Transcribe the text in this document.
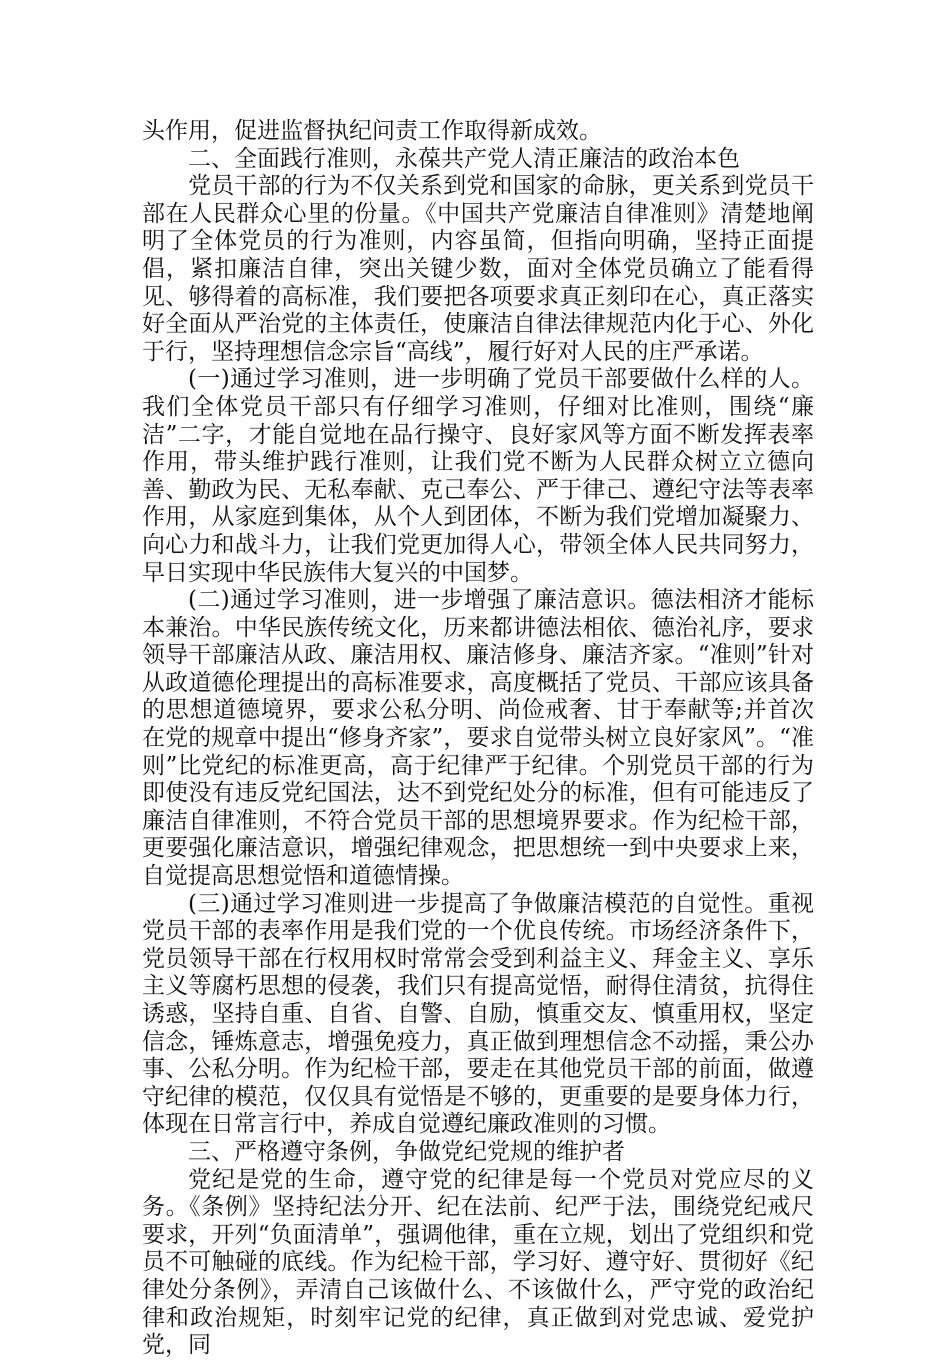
头作用，促进监督执纪问责工作取得新成效。

二、全面践行准则，永葆共产党人清正廉洁的政治本色

党员干部的行为不仅关系到党和国家的命脉，更关系到党员干部在人民群众心里的份量。《中国共产党廉洁自律准则》清楚地阐明了全体党员的行为准则，内容虽简，但指向明确，坚持正面提倡，紧扣廉洁自律，突出关键少数，面对全体党员确立了能看得见、够得着的高标准，我们要把各项要求真正刻印在心，真正落实好全面从严治党的主体责任，使廉洁自律法律规范内化于心、外化于行，坚持理想信念宗旨“高线”，履行好对人民的庄严承诺。

(一)通过学习准则，进一步明确了党员干部要做什么样的人。我们全体党员干部只有仔细学习准则，仔细对比准则，围绕“廉洁”二字，才能自觉地在品行操守、良好家风等方面不断发挥表率作用，带头维护践行准则，让我们党不断为人民群众树立立德向善、勤政为民、无私奉献、克己奉公、严于律己、遵纪守法等表率作用，从家庭到集体，从个人到团体，不断为我们党增加凝聚力、向心力和战斗力，让我们党更加得人心，带领全体人民共同努力，早日实现中华民族伟大复兴的中国梦。

(二)通过学习准则，进一步增强了廉洁意识。德法相济才能标本兼治。中华民族传统文化，历来都讲德法相依、德治礼序，要求领导干部廉洁从政、廉洁用权、廉洁修身、廉洁齐家。“准则”针对从政道德伦理提出的高标准要求，高度概括了党员、干部应该具备的思想道德境界，要求公私分明、尚俭戒奢、甘于奉献等;并首次在党的规章中提出“修身齐家”，要求自觉带头树立良好家风”。“准则”比党纪的标准更高，高于纪律严于纪律。个别党员干部的行为即使没有违反党纪国法，达不到党纪处分的标准，但有可能违反了廉洁自律准则，不符合党员干部的思想境界要求。作为纪检干部，更要强化廉洁意识，增强纪律观念，把思想统一到中央要求上来，自觉提高思想觉悟和道德情操。

(三)通过学习准则进一步提高了争做廉洁模范的自觉性。重视党员干部的表率作用是我们党的一个优良传统。市场经济条件下，党员领导干部在行权用权时常常会受到利益主义、拜金主义、享乐主义等腐朽思想的侵袭，我们只有提高觉悟，耐得住清贫，抗得住诱惑，坚持自重、自省、自警、自励，慎重交友、慎重用权，坚定信念，锤炼意志，增强免疫力，真正做到理想信念不动摇，秉公办事、公私分明。作为纪检干部，要走在其他党员干部的前面，做遵守纪律的模范，仅仅具有觉悟是不够的，更重要的是要身体力行，体现在日常言行中，养成自觉遵纪廉政准则的习惯。

三、严格遵守条例，争做党纪党规的维护者

党纪是党的生命，遵守党的纪律是每一个党员对党应尽的义务。《条例》坚持纪法分开、纪在法前、纪严于法，围绕党纪戒尺要求，开列“负面清单”，强调他律，重在立规，划出了党组织和党员不可触碰的底线。作为纪检干部，学习好、遵守好、贯彻好《纪律处分条例》，弄清自己该做什么、不该做什么，严守党的政治纪律和政治规矩，时刻牢记党的纪律，真正做到对党忠诚、爱党护党，同
